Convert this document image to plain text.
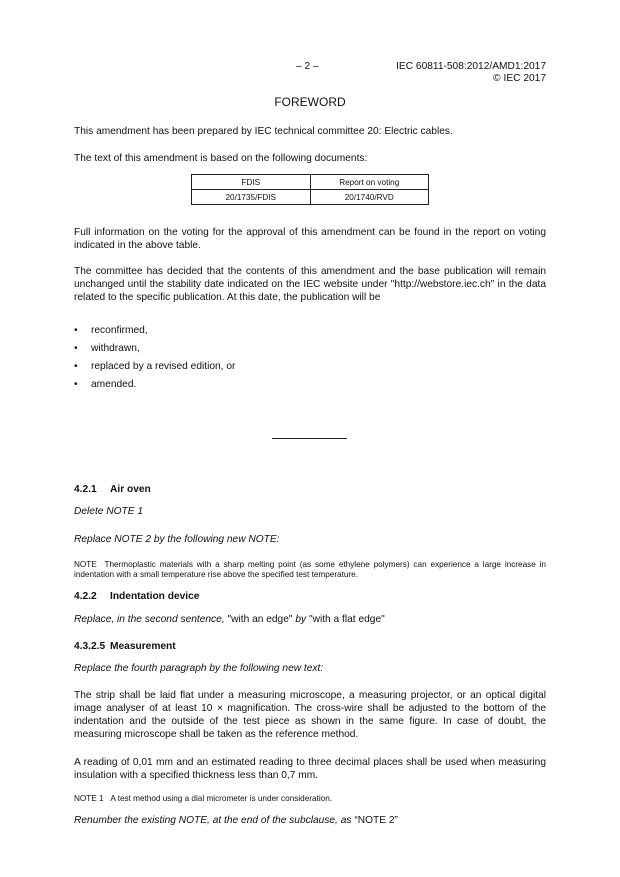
– 2 –	IEC 60811-508:2012/AMD1:2017
© IEC 2017
FOREWORD
This amendment has been prepared by IEC technical committee 20: Electric cables.
The text of this amendment is based on the following documents:
FDIS	Report on voting
20/1735/FDIS	20/1740/RVD
Full information on the voting for the approval of this amendment can be found in the report on voting indicated in the above table.
The committee has decided that the contents of this amendment and the base publication will remain unchanged until the stability date indicated on the IEC website under "http://webstore.iec.ch" in the data related to the specific publication. At this date, the publication will be
• reconfirmed,
• withdrawn,
• replaced by a revised edition, or
• amended.
4.2.1 Air oven
Delete NOTE 1
Replace NOTE 2 by the following new NOTE:
NOTE Thermoplastic materials with a sharp melting point (as some ethylene polymers) can experience a large increase in indentation with a small temperature rise above the specified test temperature.
4.2.2 Indentation device
Replace, in the second sentence, "with an edge" by "with a flat edge"
4.3.2.5 Measurement
Replace the fourth paragraph by the following new text:
The strip shall be laid flat under a measuring microscope, a measuring projector, or an optical digital image analyser of at least 10 × magnification. The cross-wire shall be adjusted to the bottom of the indentation and the outside of the test piece as shown in the same figure. In case of doubt, the measuring microscope shall be taken as the reference method.
A reading of 0,01 mm and an estimated reading to three decimal places shall be used when measuring insulation with a specified thickness less than 0,7 mm.
NOTE 1 A test method using a dial micrometer is under consideration.
Renumber the existing NOTE, at the end of the subclause, as “NOTE 2”
